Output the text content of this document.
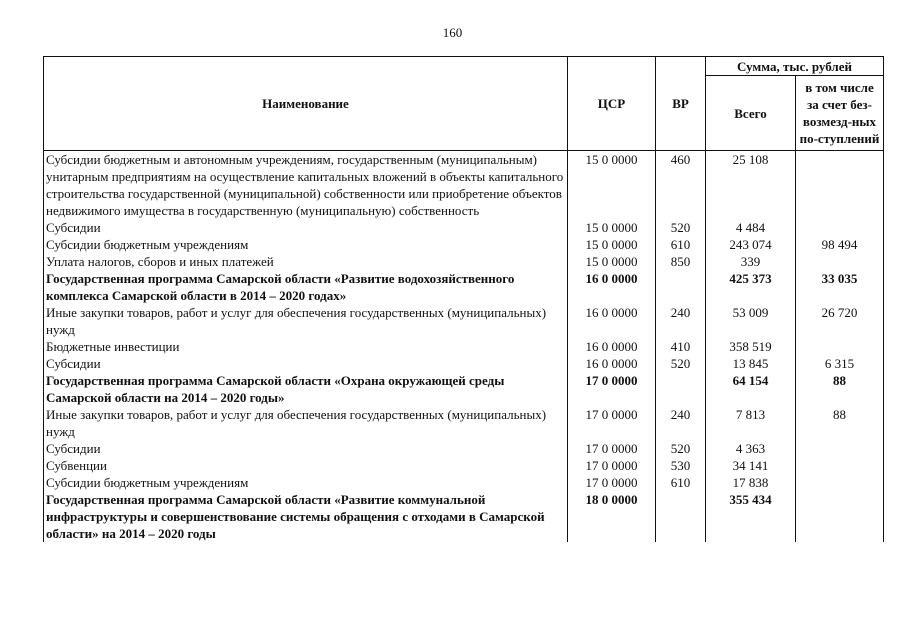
160
Наименование	ЦСР	ВР	Сумма, тыс. рублей	
			Всего	в том числе за счет без-возмезд-ных по-ступлений
Субсидии бюджетным и автономным учреждениям, государственным (муниципальным) унитарным предприятиям на осуществление капитальных вложений в объекты капитального строительства государственной (муниципальной) собственности или приобретение объектов недвижимого имущества в государственную (муниципальную) собственность	15 0 0000	460	25 108	
Субсидии	15 0 0000	520	4 484	
Субсидии бюджетным учреждениям	15 0 0000	610	243 074	98 494
Уплата налогов, сборов и иных платежей	15 0 0000	850	339	
Государственная программа Самарской области «Развитие водохозяйственного комплекса Самарской области в 2014 – 2020 годах»	16 0 0000		425 373	33 035
Иные закупки товаров, работ и услуг для обеспечения государственных (муниципальных) нужд	16 0 0000	240	53 009	26 720
Бюджетные инвестиции	16 0 0000	410	358 519	
Субсидии	16 0 0000	520	13 845	6 315
Государственная программа Самарской области «Охрана окружающей среды Самарской области на 2014 – 2020 годы»	17 0 0000		64 154	88
Иные закупки товаров, работ и услуг для обеспечения государственных (муниципальных) нужд	17 0 0000	240	7 813	88
Субсидии	17 0 0000	520	4 363	
Субвенции	17 0 0000	530	34 141	
Субсидии бюджетным учреждениям	17 0 0000	610	17 838	
Государственная программа Самарской области «Развитие коммунальной инфраструктуры и совершенствование системы обращения с отходами в Самарской области» на 2014 – 2020 годы	18 0 0000		355 434	
